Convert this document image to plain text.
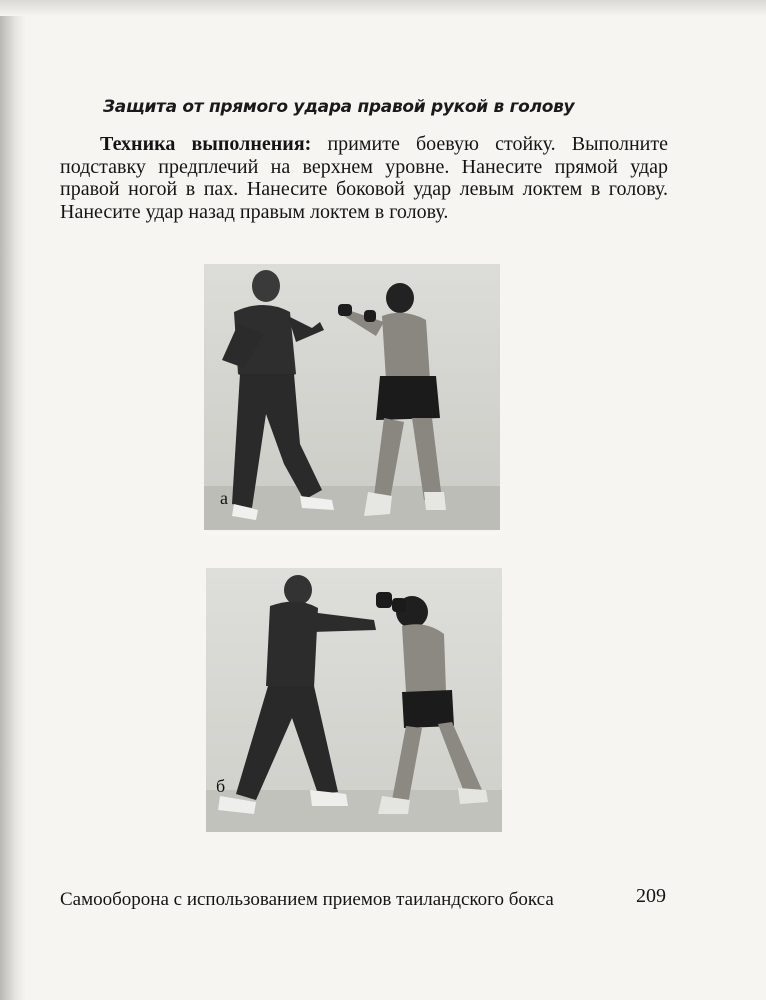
Защита от прямого удара правой рукой в голову

Техника выполнения: примите боевую стойку. Выполните подставку предплечий на верхнем уровне. Нанесите прямой удар правой ногой в пах. Нанесите боковой удар левым локтем в голову. Нанесите удар назад правым локтем в голову.

а
б
Самооборона с использованием приемов таиландского бокса	209
